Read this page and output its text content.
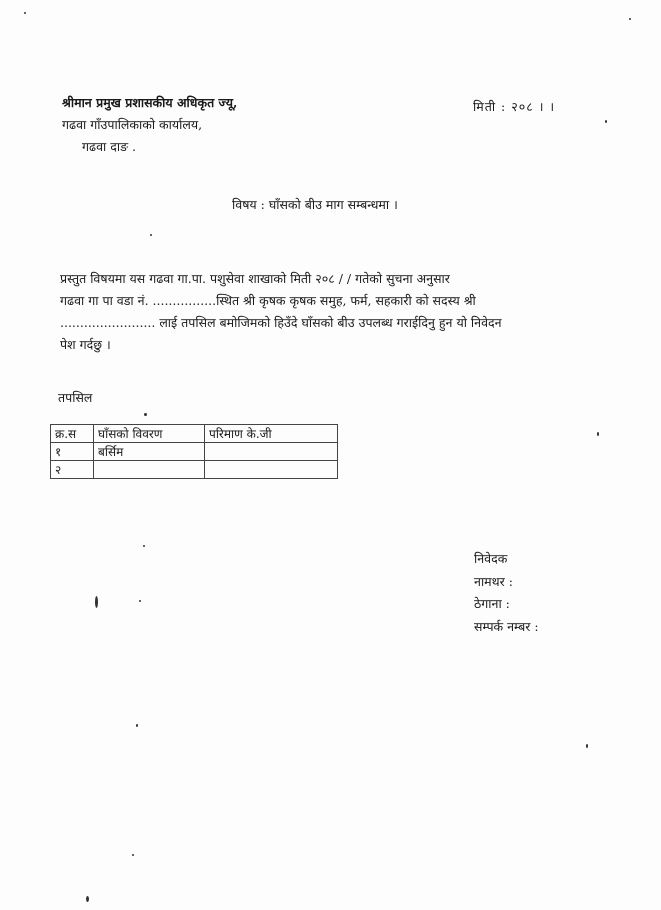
श्रीमान प्रमुख प्रशासकीय अधिकृत ज्यू,
गढवा गाँउपालिकाको कार्यालय,
गढवा दाङ .
मिती : २०८ । ।
विषय : घाँसको बीउ माग सम्बन्धमा ।
प्रस्तुत विषयमा यस गढवा गा.पा. पशुसेवा शाखाको मिती २०८ / / गतेको सुचना अनुसार
गढवा गा पा वडा नं. ................स्थित श्री कृषक कृषक समुह, फर्म, सहकारी को सदस्य श्री
........................ लाई तपसिल बमोजिमको हिउँदे घाँसको बीउ उपलब्ध गराईदिनु हुन यो निवेदन
पेश गर्दछु ।
तपसिल
क्र.स	घाँसको विवरण	परिमाण के.जी
१	बर्सिम	
२		
निवेदक
नामथर :
ठेगाना :
सम्पर्क नम्बर :
